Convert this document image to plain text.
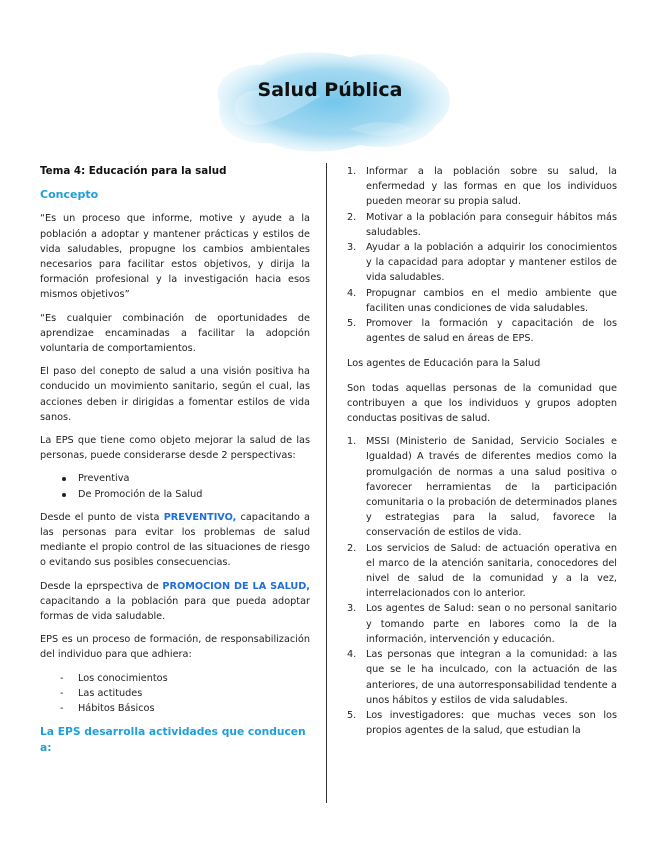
Salud Pública
Tema 4: Educación para la salud
Concepto

“Es un proceso que informe, motive y ayude a la población a adoptar y mantener prácticas y estilos de vida saludables, propugne los cambios ambientales necesarios para facilitar estos objetivos, y dirija la formación profesional y la investigación hacia esos mismos objetivos”

“Es cualquier combinación de oportunidades de aprendizae encaminadas a facilitar la adopción voluntaria de comportamientos.

El paso del conepto de salud a una visión positiva ha conducido un movimiento sanitario, según el cual, las acciones deben ir dirigidas a fomentar estilos de vida sanos.

La EPS que tiene como objeto mejorar la salud de las personas, puede considerarse desde 2 perspectivas:

Preventiva
De Promoción de la Salud

Desde el punto de vista PREVENTIVO, capacitando a las personas para evitar los problemas de salud mediante el propio control de las situaciones de riesgo o evitando sus posibles consecuencias.

Desde la eprspectiva de PROMOCION DE LA SALUD, capacitando a la población para que pueda adoptar formas de vida saludable.

EPS es un proceso de formación, de responsabilización del individuo para que adhiera:

- Los conocimientos
- Las actitudes
- Hábitos Básicos
La EPS desarrolla actividades que conducen a:
1. Informar a la población sobre su salud, la enfermedad y las formas en que los individuos pueden meorar su propia salud.
2. Motivar a la población para conseguir hábitos más saludables.
3. Ayudar a la población a adquirir los conocimientos y la capacidad para adoptar y mantener estilos de vida saludables.
4. Propugnar cambios en el medio ambiente que faciliten unas condiciones de vida saludables.
5. Promover la formación y capacitación de los agentes de salud en áreas de EPS.
Los agentes de Educación para la Salud

Son todas aquellas personas de la comunidad que contribuyen a que los individuos y grupos adopten conductas positivas de salud.

1. MSSI (Ministerio de Sanidad, Servicio Sociales e Igualdad) A través de diferentes medios como la promulgación de normas a una salud positiva o favorecer herramientas de la participación comunitaria o la probación de determinados planes y estrategias para la salud, favorece la conservación de estilos de vida.
2. Los servicios de Salud: de actuación operativa en el marco de la atención sanitaria, conocedores del nivel de salud de la comunidad y a la vez, interrelacionados con lo anterior.
3. Los agentes de Salud: sean o no personal sanitario y tomando parte en labores como la de la información, intervención y educación.
4. Las personas que integran a la comunidad: a las que se le ha inculcado, con la actuación de las anteriores, de una autorresponsabilidad tendente a unos hábitos y estilos de vida saludables.
5. Los investigadores: que muchas veces son los propios agentes de la salud, que estudian la
